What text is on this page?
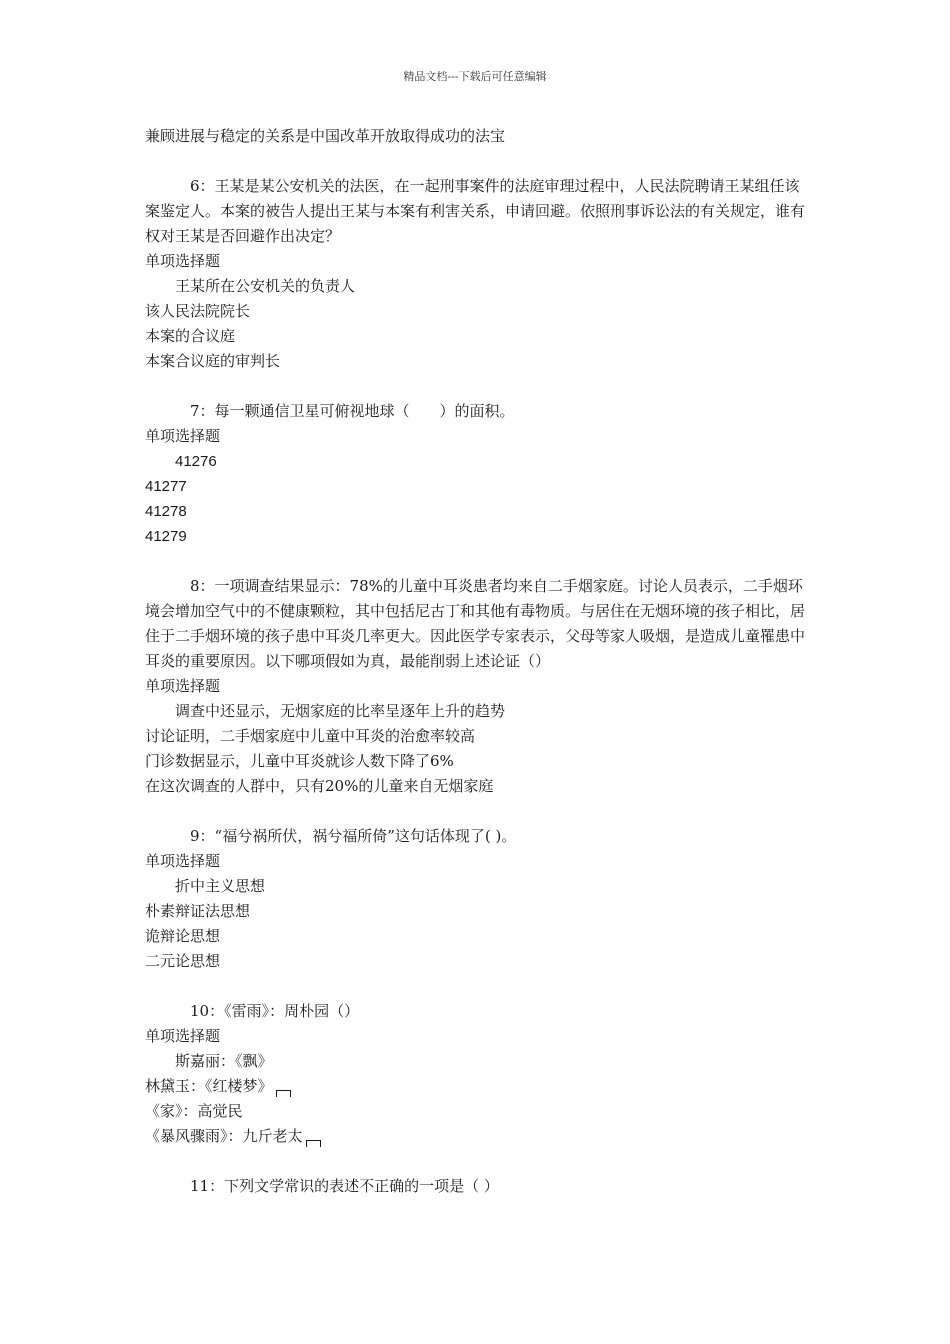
精品文档---下载后可任意编辑

兼顾进展与稳定的关系是中国改革开放取得成功的法宝

6：王某是某公安机关的法医，在一起刑事案件的法庭审理过程中，人民法院聘请王某组任该案鉴定人。本案的被告人提出王某与本案有利害关系，申请回避。依照刑事诉讼法的有关规定，谁有权对王某是否回避作出决定？

单项选择题

王某所在公安机关的负责人

该人民法院院长

本案的合议庭

本案合议庭的审判长

7：每一颗通信卫星可俯视地球（　　）的面积。

单项选择题

41276

41277

41278

41279

8：一项调查结果显示：78%的儿童中耳炎患者均来自二手烟家庭。讨论人员表示，二手烟环境会增加空气中的不健康颗粒，其中包括尼古丁和其他有毒物质。与居住在无烟环境的孩子相比，居住于二手烟环境的孩子患中耳炎几率更大。因此医学专家表示，父母等家人吸烟，是造成儿童罹患中耳炎的重要原因。以下哪项假如为真，最能削弱上述论证（）

单项选择题

调查中还显示，无烟家庭的比率呈逐年上升的趋势

讨论证明，二手烟家庭中儿童中耳炎的治愈率较高

门诊数据显示，儿童中耳炎就诊人数下降了6%

在这次调查的人群中，只有20%的儿童来自无烟家庭

9：“福兮祸所伏，祸兮福所倚”这句话体现了( )。

单项选择题

折中主义思想

朴素辩证法思想

诡辩论思想

二元论思想

10：《雷雨》：周朴园（）

单项选择题

斯嘉丽：《飘》

林黛玉：《红楼梦》

《家》：高觉民

《暴风骤雨》：九斤老太

11：下列文学常识的表述不正确的一项是（ ）
